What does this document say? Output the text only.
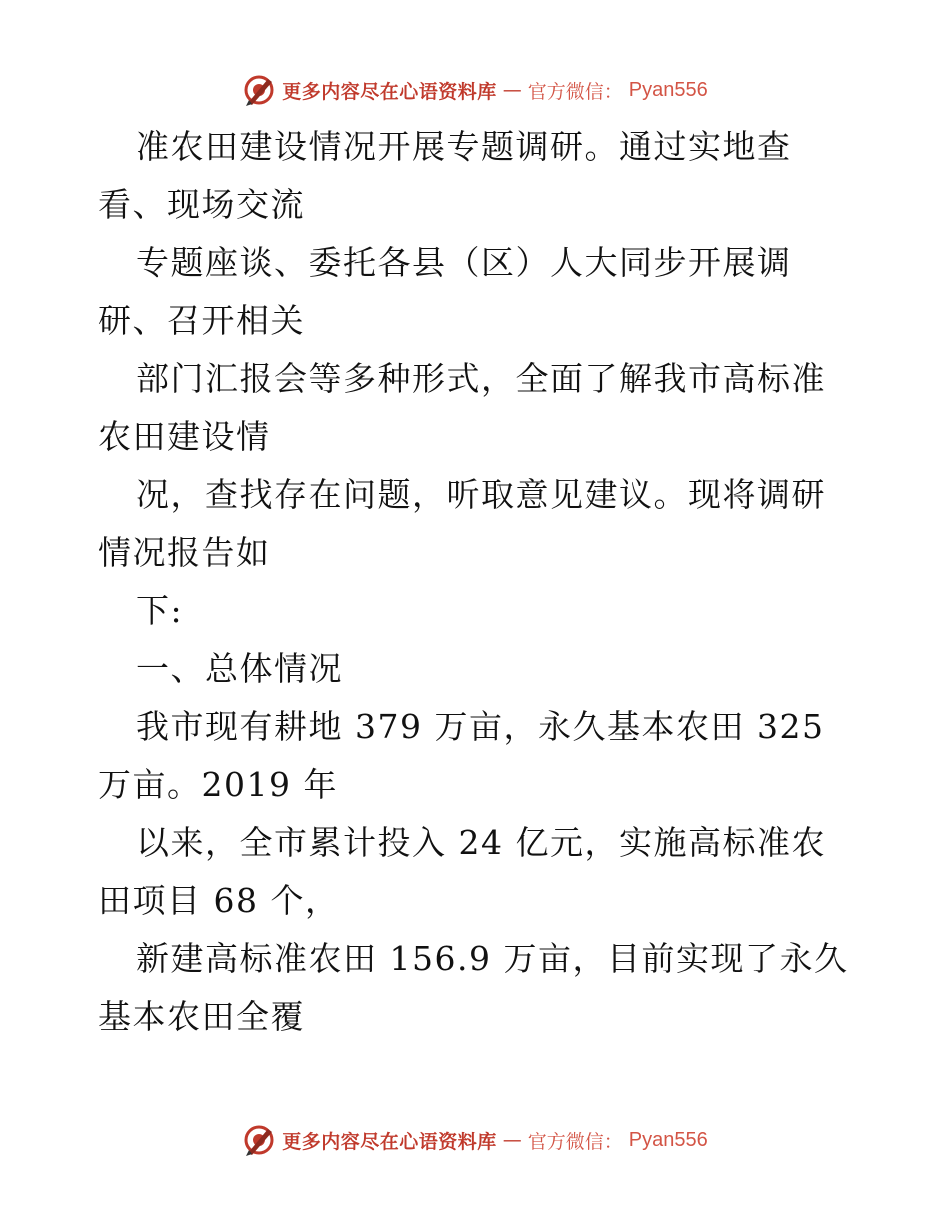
更多内容尽在心语资料库 — 官方微信： Pyan556

准农田建设情况开展专题调研。通过实地查看、现场交流

专题座谈、委托各县（区）人大同步开展调研、召开相关

部门汇报会等多种形式，全面了解我市高标准农田建设情

况，查找存在问题，听取意见建议。现将调研情况报告如

下:

一、总体情况

我市现有耕地 379 万亩，永久基本农田 325 万亩。2019 年

以来，全市累计投入 24 亿元，实施高标准农田项目 68 个，

新建高标准农田 156.9 万亩，目前实现了永久基本农田全覆

更多内容尽在心语资料库 — 官方微信： Pyan556
